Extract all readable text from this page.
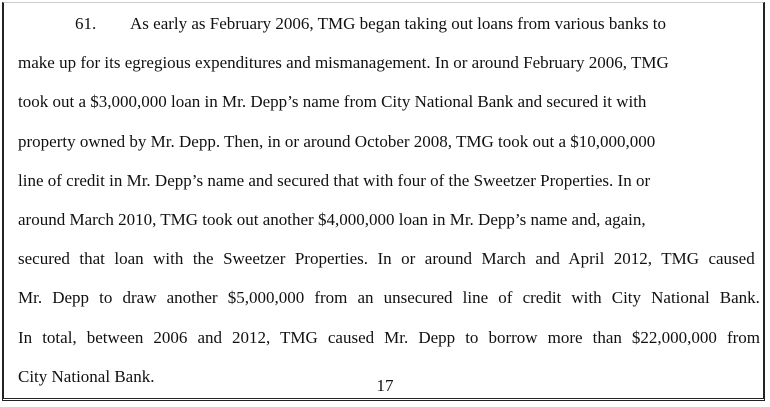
61. As early as February 2006, TMG began taking out loans from various banks to
make up for its egregious expenditures and mismanagement. In or around February 2006, TMG
took out a $3,000,000 loan in Mr. Depp’s name from City National Bank and secured it with
property owned by Mr. Depp. Then, in or around October 2008, TMG took out a $10,000,000
line of credit in Mr. Depp’s name and secured that with four of the Sweetzer Properties. In or
around March 2010, TMG took out another $4,000,000 loan in Mr. Depp’s name and, again,
secured that loan with the Sweetzer Properties. In or around March and April 2012, TMG caused
Mr. Depp to draw another $5,000,000 from an unsecured line of credit with City National Bank.
In total, between 2006 and 2012, TMG caused Mr. Depp to borrow more than $22,000,000 from
City National Bank.	17
